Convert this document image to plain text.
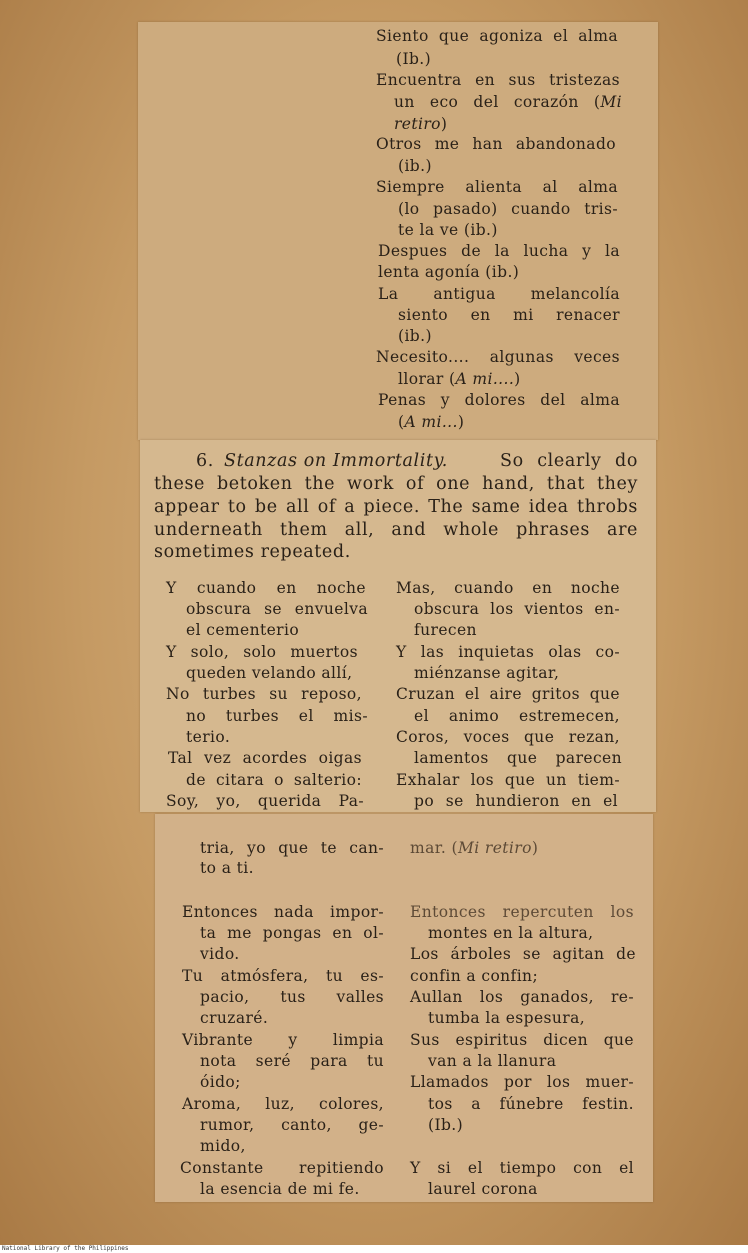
Siento que agoniza el alma
(Ib.)
Encuentra en sus tristezas
un eco del corazón (Mi
retiro)
Otros me han abandonado
(ib.)
Siempre alienta al alma
(lo pasado) cuando tris-
te la ve (ib.)
Despues de la lucha y la
lenta agonía (ib.)
La antigua melancolía
siento en mi renacer
(ib.)
Necesito.... algunas veces
llorar (A mi....)
Penas y dolores del alma
(A mi...)
6. Stanzas on Immortality.	So clearly do
these betoken the work of one hand, that they
appear to be all of a piece. The same idea throbs
underneath them all, and whole phrases are
sometimes repeated.
Y cuando en noche
obscura se envuelva
el cementerio
Y solo, solo muertos
queden velando allí,
No turbes su reposo,
no turbes el mis-
terio.
Tal vez acordes oigas
de citara o salterio:
Soy, yo, querida Pa-
Mas, cuando en noche
obscura los vientos en-
furecen
Y las inquietas olas co-
miénzanse agitar,
Cruzan el aire gritos que
el animo estremecen,
Coros, voces que rezan,
lamentos que parecen
Exhalar los que un tiem-
po se hundieron en el
tria, yo que te can-
to a ti.
Entonces nada impor-
ta me pongas en ol-
vido.
Tu atmósfera, tu es-
pacio, tus valles
cruzaré.
Vibrante y limpia
nota seré para tu
óido;
Aroma, luz, colores,
rumor, canto, ge-
mido,
Constante repitiendo
la esencia de mi fe.
mar. (Mi retiro)
Entonces repercuten los
montes en la altura,
Los árboles se agitan de
confin a confin;
Aullan los ganados, re-
tumba la espesura,
Sus espiritus dicen que
van a la llanura
Llamados por los muer-
tos a fúnebre festin.
(Ib.)
Y si el tiempo con el
laurel corona
National Library of the Philippines
